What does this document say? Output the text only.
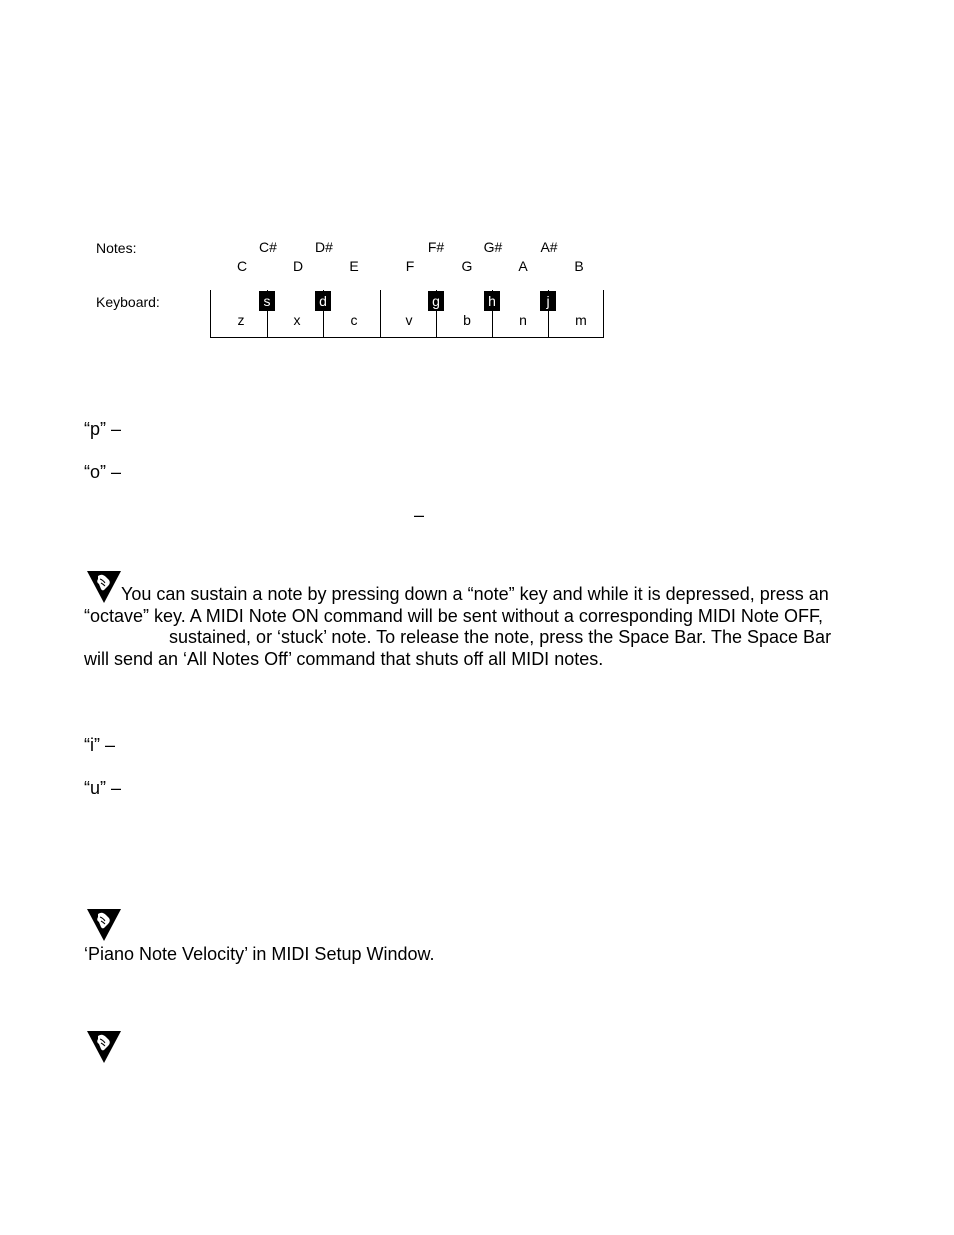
Notes:
Keyboard:
C#	D#	F#	G#	A#
C	D	E	F	G	A	B
s	d	g	h	j
z	x	c	v	b	n	m
“p” –
“o” –
–
You can sustain a note by pressing down a “note” key and while it is depressed, press an
“octave” key. A MIDI Note ON command will be sent without a corresponding MIDI Note OFF,
sustained, or ‘stuck’ note. To release the note, press the Space Bar. The Space Bar
will send an ‘All Notes Off’ command that shuts off all MIDI notes.
“i” –
“u” –
‘Piano Note Velocity’ in MIDI Setup Window.
